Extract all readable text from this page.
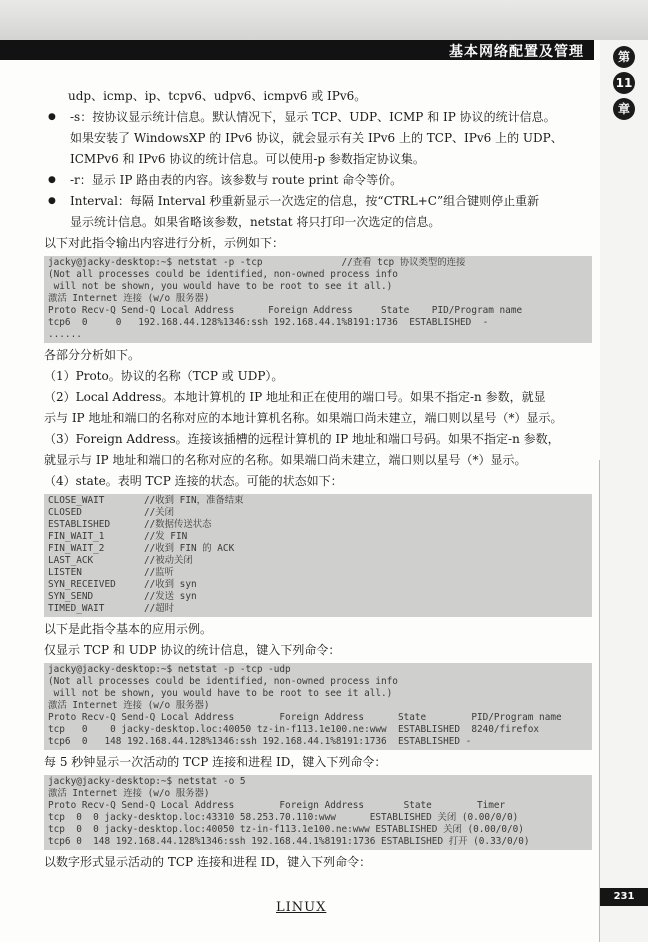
基本网络配置及管理	第
11
章
udp、icmp、ip、tcpv6、udpv6、icmpv6 或 IPv6。
●	-s：按协议显示统计信息。默认情况下，显示 TCP、UDP、ICMP 和 IP 协议的统计信息。
如果安装了 WindowsXP 的 IPv6 协议，就会显示有关 IPv6 上的 TCP、IPv6 上的 UDP、
ICMPv6 和 IPv6 协议的统计信息。可以使用-p 参数指定协议集。
●	-r：显示 IP 路由表的内容。该参数与 route print 命令等价。
●	Interval：每隔 Interval 秒重新显示一次选定的信息，按“CTRL+C”组合键则停止重新
显示统计信息。如果省略该参数，netstat 将只打印一次选定的信息。
以下对此指令输出内容进行分析，示例如下：
jacky@jacky-desktop:~$ netstat -p -tcp              //查看 tcp 协议类型的连接
(Not all processes could be identified, non-owned process info
will not be shown, you would have to be root to see it all.)
激活 Internet 连接 (w/o 服务器)
Proto Recv-Q Send-Q Local Address      Foreign Address     State    PID/Program name
tcp6  0     0   192.168.44.128%1346:ssh 192.168.44.1%8191:1736  ESTABLISHED  -
......
各部分分析如下。
（1）Proto。协议的名称（TCP 或 UDP）。
（2）Local Address。本地计算机的 IP 地址和正在使用的端口号。如果不指定-n 参数，就显
示与 IP 地址和端口的名称对应的本地计算机名称。如果端口尚未建立，端口则以星号（*）显示。
（3）Foreign Address。连接该插槽的远程计算机的 IP 地址和端口号码。如果不指定-n 参数，
就显示与 IP 地址和端口的名称对应的名称。如果端口尚未建立，端口则以星号（*）显示。
（4）state。表明 TCP 连接的状态。可能的状态如下：
CLOSE_WAIT	//收到 FIN，准备结束
CLOSED	//关闭
ESTABLISHED	//数据传送状态
FIN_WAIT_1	//发 FIN
FIN_WAIT_2	//收到 FIN 的 ACK
LAST_ACK	//被动关闭
LISTEN	//监听
SYN_RECEIVED	//收到 syn
SYN_SEND	//发送 syn
TIMED_WAIT	//超时
以下是此指令基本的应用示例。
仅显示 TCP 和 UDP 协议的统计信息，键入下列命令：
jacky@jacky-desktop:~$ netstat -p -tcp -udp
(Not all processes could be identified, non-owned process info
will not be shown, you would have to be root to see it all.)
激活 Internet 连接 (w/o 服务器)
Proto Recv-Q Send-Q Local Address        Foreign Address      State        PID/Program name
tcp   0    0 jacky-desktop.loc:40050 tz-in-f113.1e100.ne:www  ESTABLISHED  8240/firefox
tcp6  0   148 192.168.44.128%1346:ssh 192.168.44.1%8191:1736  ESTABLISHED -
每 5 秒钟显示一次活动的 TCP 连接和进程 ID，键入下列命令：
jacky@jacky-desktop:~$ netstat -o 5
激活 Internet 连接 (w/o 服务器)
Proto Recv-Q Send-Q Local Address        Foreign Address       State        Timer
tcp  0  0 jacky-desktop.loc:43310 58.253.70.110:www      ESTABLISHED 关闭 (0.00/0/0)
tcp  0  0 jacky-desktop.loc:40050 tz-in-f113.1e100.ne:www ESTABLISHED 关闭 (0.00/0/0)
tcp6 0  148 192.168.44.128%1346:ssh 192.168.44.1%8191:1736 ESTABLISHED 打开 (0.33/0/0)
以数字形式显示活动的 TCP 连接和进程 ID，键入下列命令：
LINUX
231
